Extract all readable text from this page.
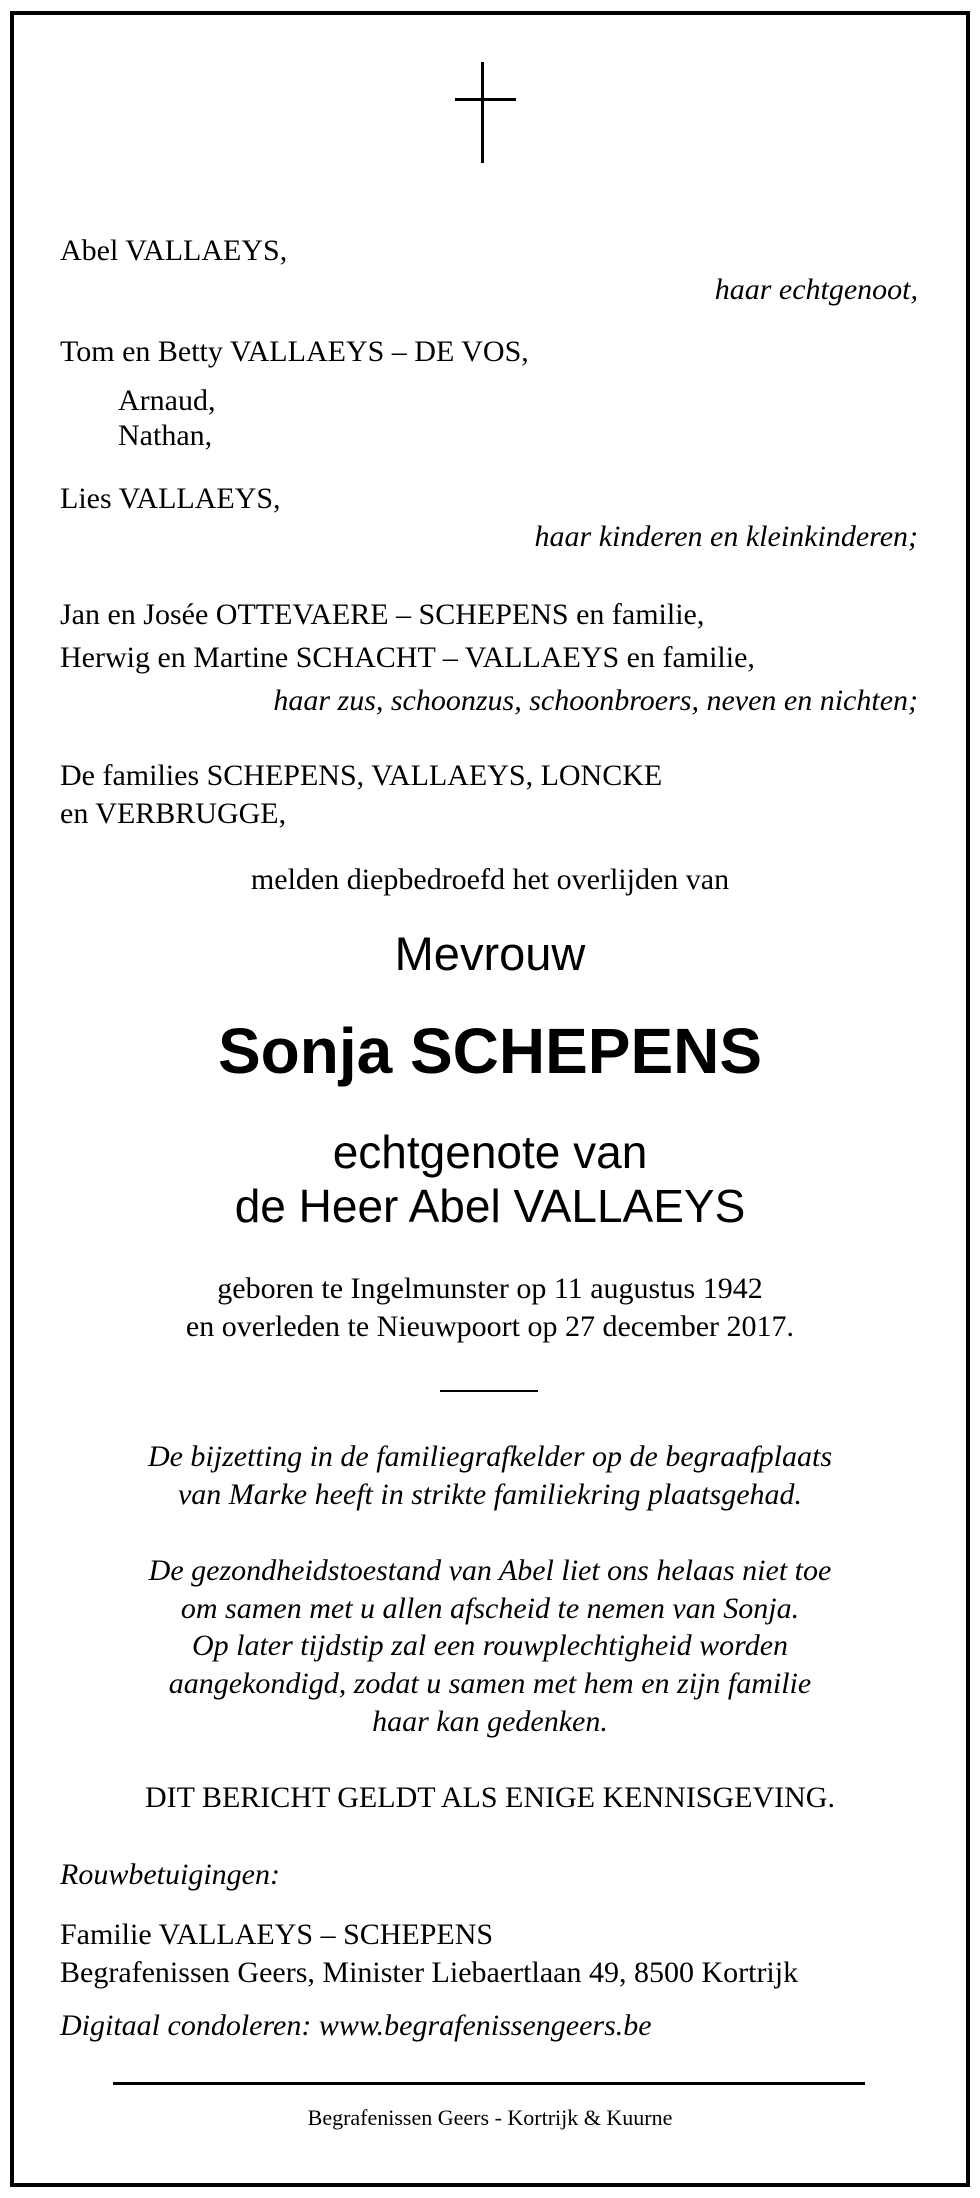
Abel VALLAEYS,
haar echtgenoot,
Tom en Betty VALLAEYS – DE VOS,
Arnaud,
Nathan,
Lies VALLAEYS,
haar kinderen en kleinkinderen;
Jan en Josée OTTEVAERE – SCHEPENS en familie,
Herwig en Martine SCHACHT – VALLAEYS en familie,
haar zus, schoonzus, schoonbroers, neven en nichten;
De families SCHEPENS, VALLAEYS, LONCKE
en VERBRUGGE,
melden diepbedroefd het overlijden van
Mevrouw
Sonja SCHEPENS
echtgenote van
de Heer Abel VALLAEYS
geboren te Ingelmunster op 11 augustus 1942
en overleden te Nieuwpoort op 27 december 2017.
De bijzetting in de familiegrafkelder op de begraafplaats
van Marke heeft in strikte familiekring plaatsgehad.
De gezondheidstoestand van Abel liet ons helaas niet toe
om samen met u allen afscheid te nemen van Sonja.
Op later tijdstip zal een rouwplechtigheid worden
aangekondigd, zodat u samen met hem en zijn familie
haar kan gedenken.
DIT BERICHT GELDT ALS ENIGE KENNISGEVING.
Rouwbetuigingen:
Familie VALLAEYS – SCHEPENS
Begrafenissen Geers, Minister Liebaertlaan 49, 8500 Kortrijk
Digitaal condoleren: www.begrafenissengeers.be
Begrafenissen Geers - Kortrijk & Kuurne
